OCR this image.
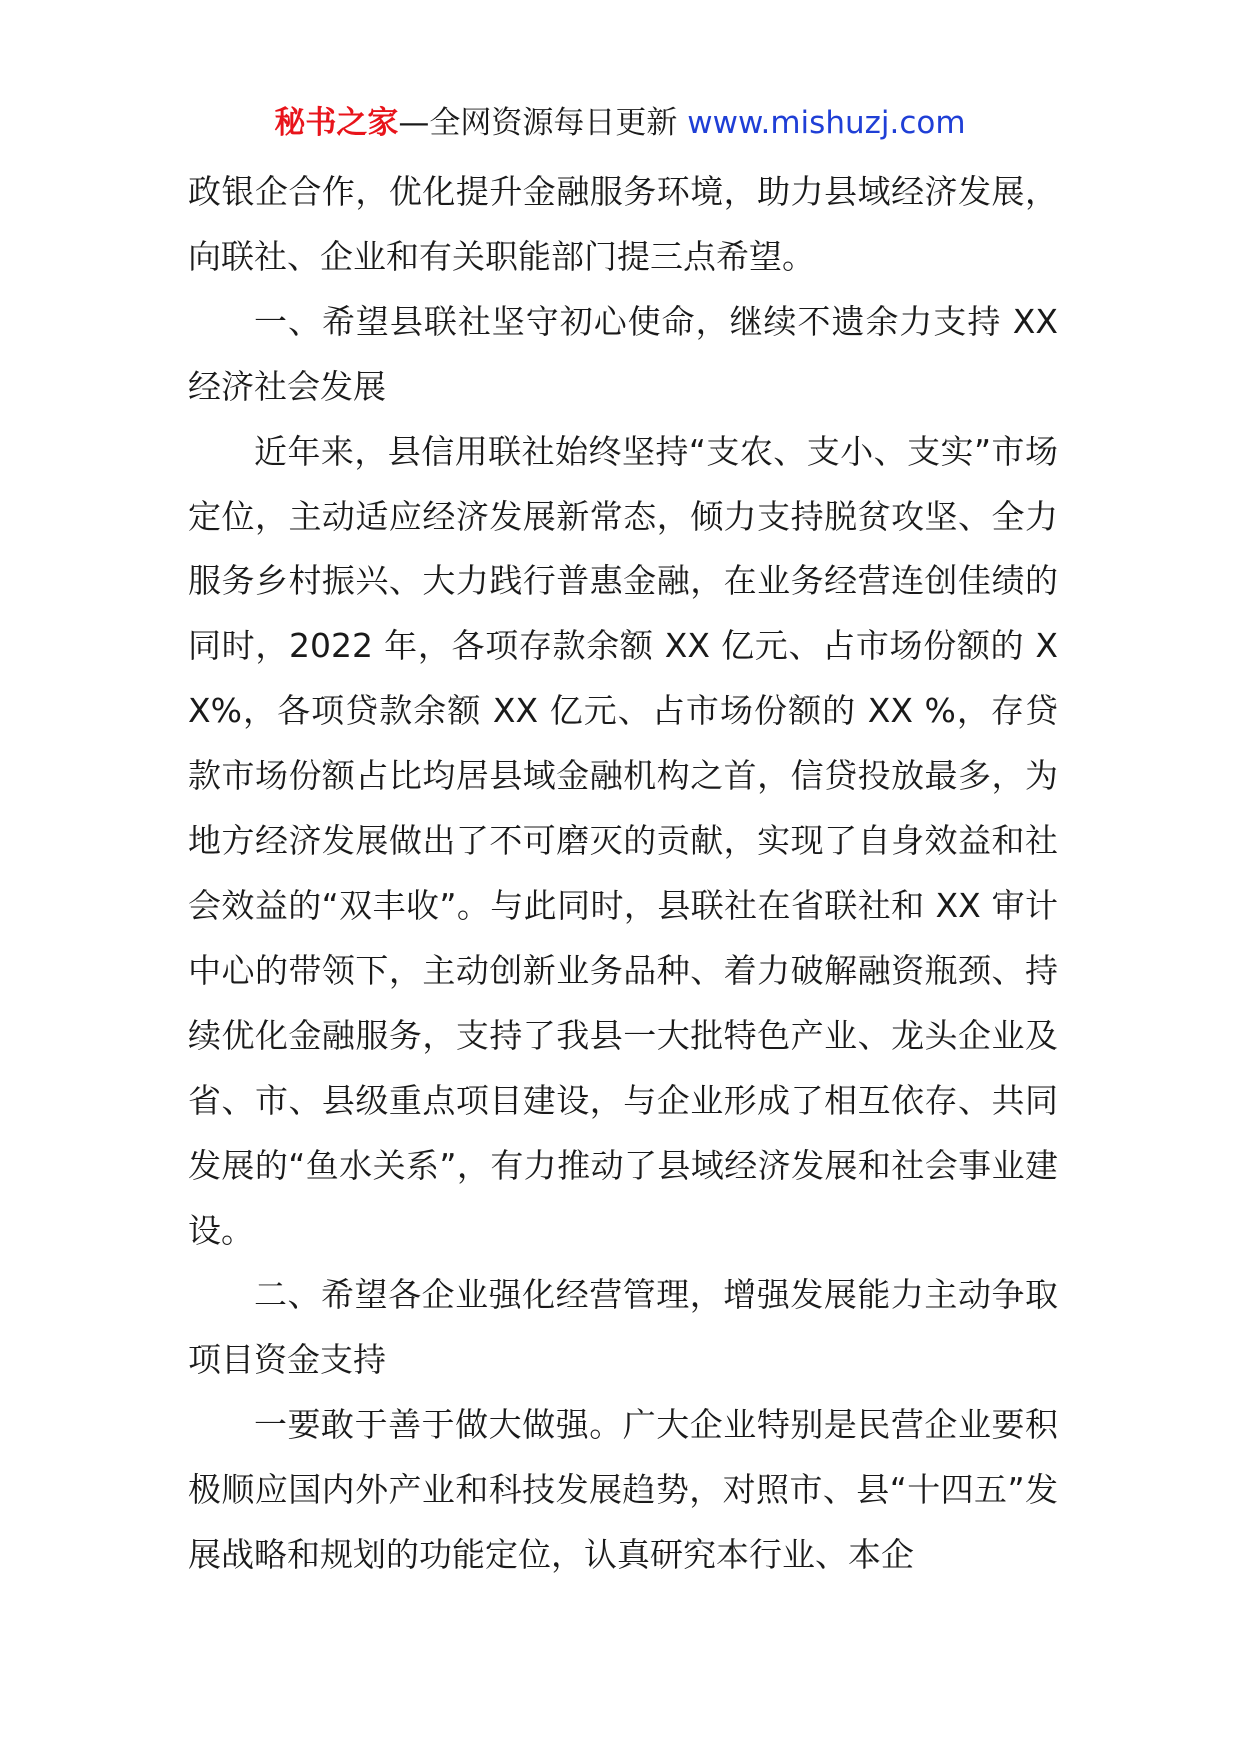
秘书之家—全网资源每日更新 www.mishuzj.com

政银企合作，优化提升金融服务环境，助力县域经济发展，向联社、企业和有关职能部门提三点希望。

一、希望县联社坚守初心使命，继续不遗余力支持 XX 经济社会发展

近年来，县信用联社始终坚持“支农、支小、支实”市场定位，主动适应经济发展新常态，倾力支持脱贫攻坚、全力服务乡村振兴、大力践行普惠金融，在业务经营连创佳绩的同时，2022 年，各项存款余额 XX 亿元、占市场份额的 XX%，各项贷款余额 XX 亿元、占市场份额的 XX %，存贷款市场份额占比均居县域金融机构之首，信贷投放最多，为地方经济发展做出了不可磨灭的贡献，实现了自身效益和社会效益的“双丰收”。与此同时，县联社在省联社和 XX 审计中心的带领下，主动创新业务品种、着力破解融资瓶颈、持续优化金融服务，支持了我县一大批特色产业、龙头企业及省、市、县级重点项目建设，与企业形成了相互依存、共同发展的“鱼水关系”，有力推动了县域经济发展和社会事业建设。

二、希望各企业强化经营管理，增强发展能力主动争取项目资金支持

一要敢于善于做大做强。广大企业特别是民营企业要积极顺应国内外产业和科技发展趋势，对照市、县“十四五”发展战略和规划的功能定位，认真研究本行业、本企
